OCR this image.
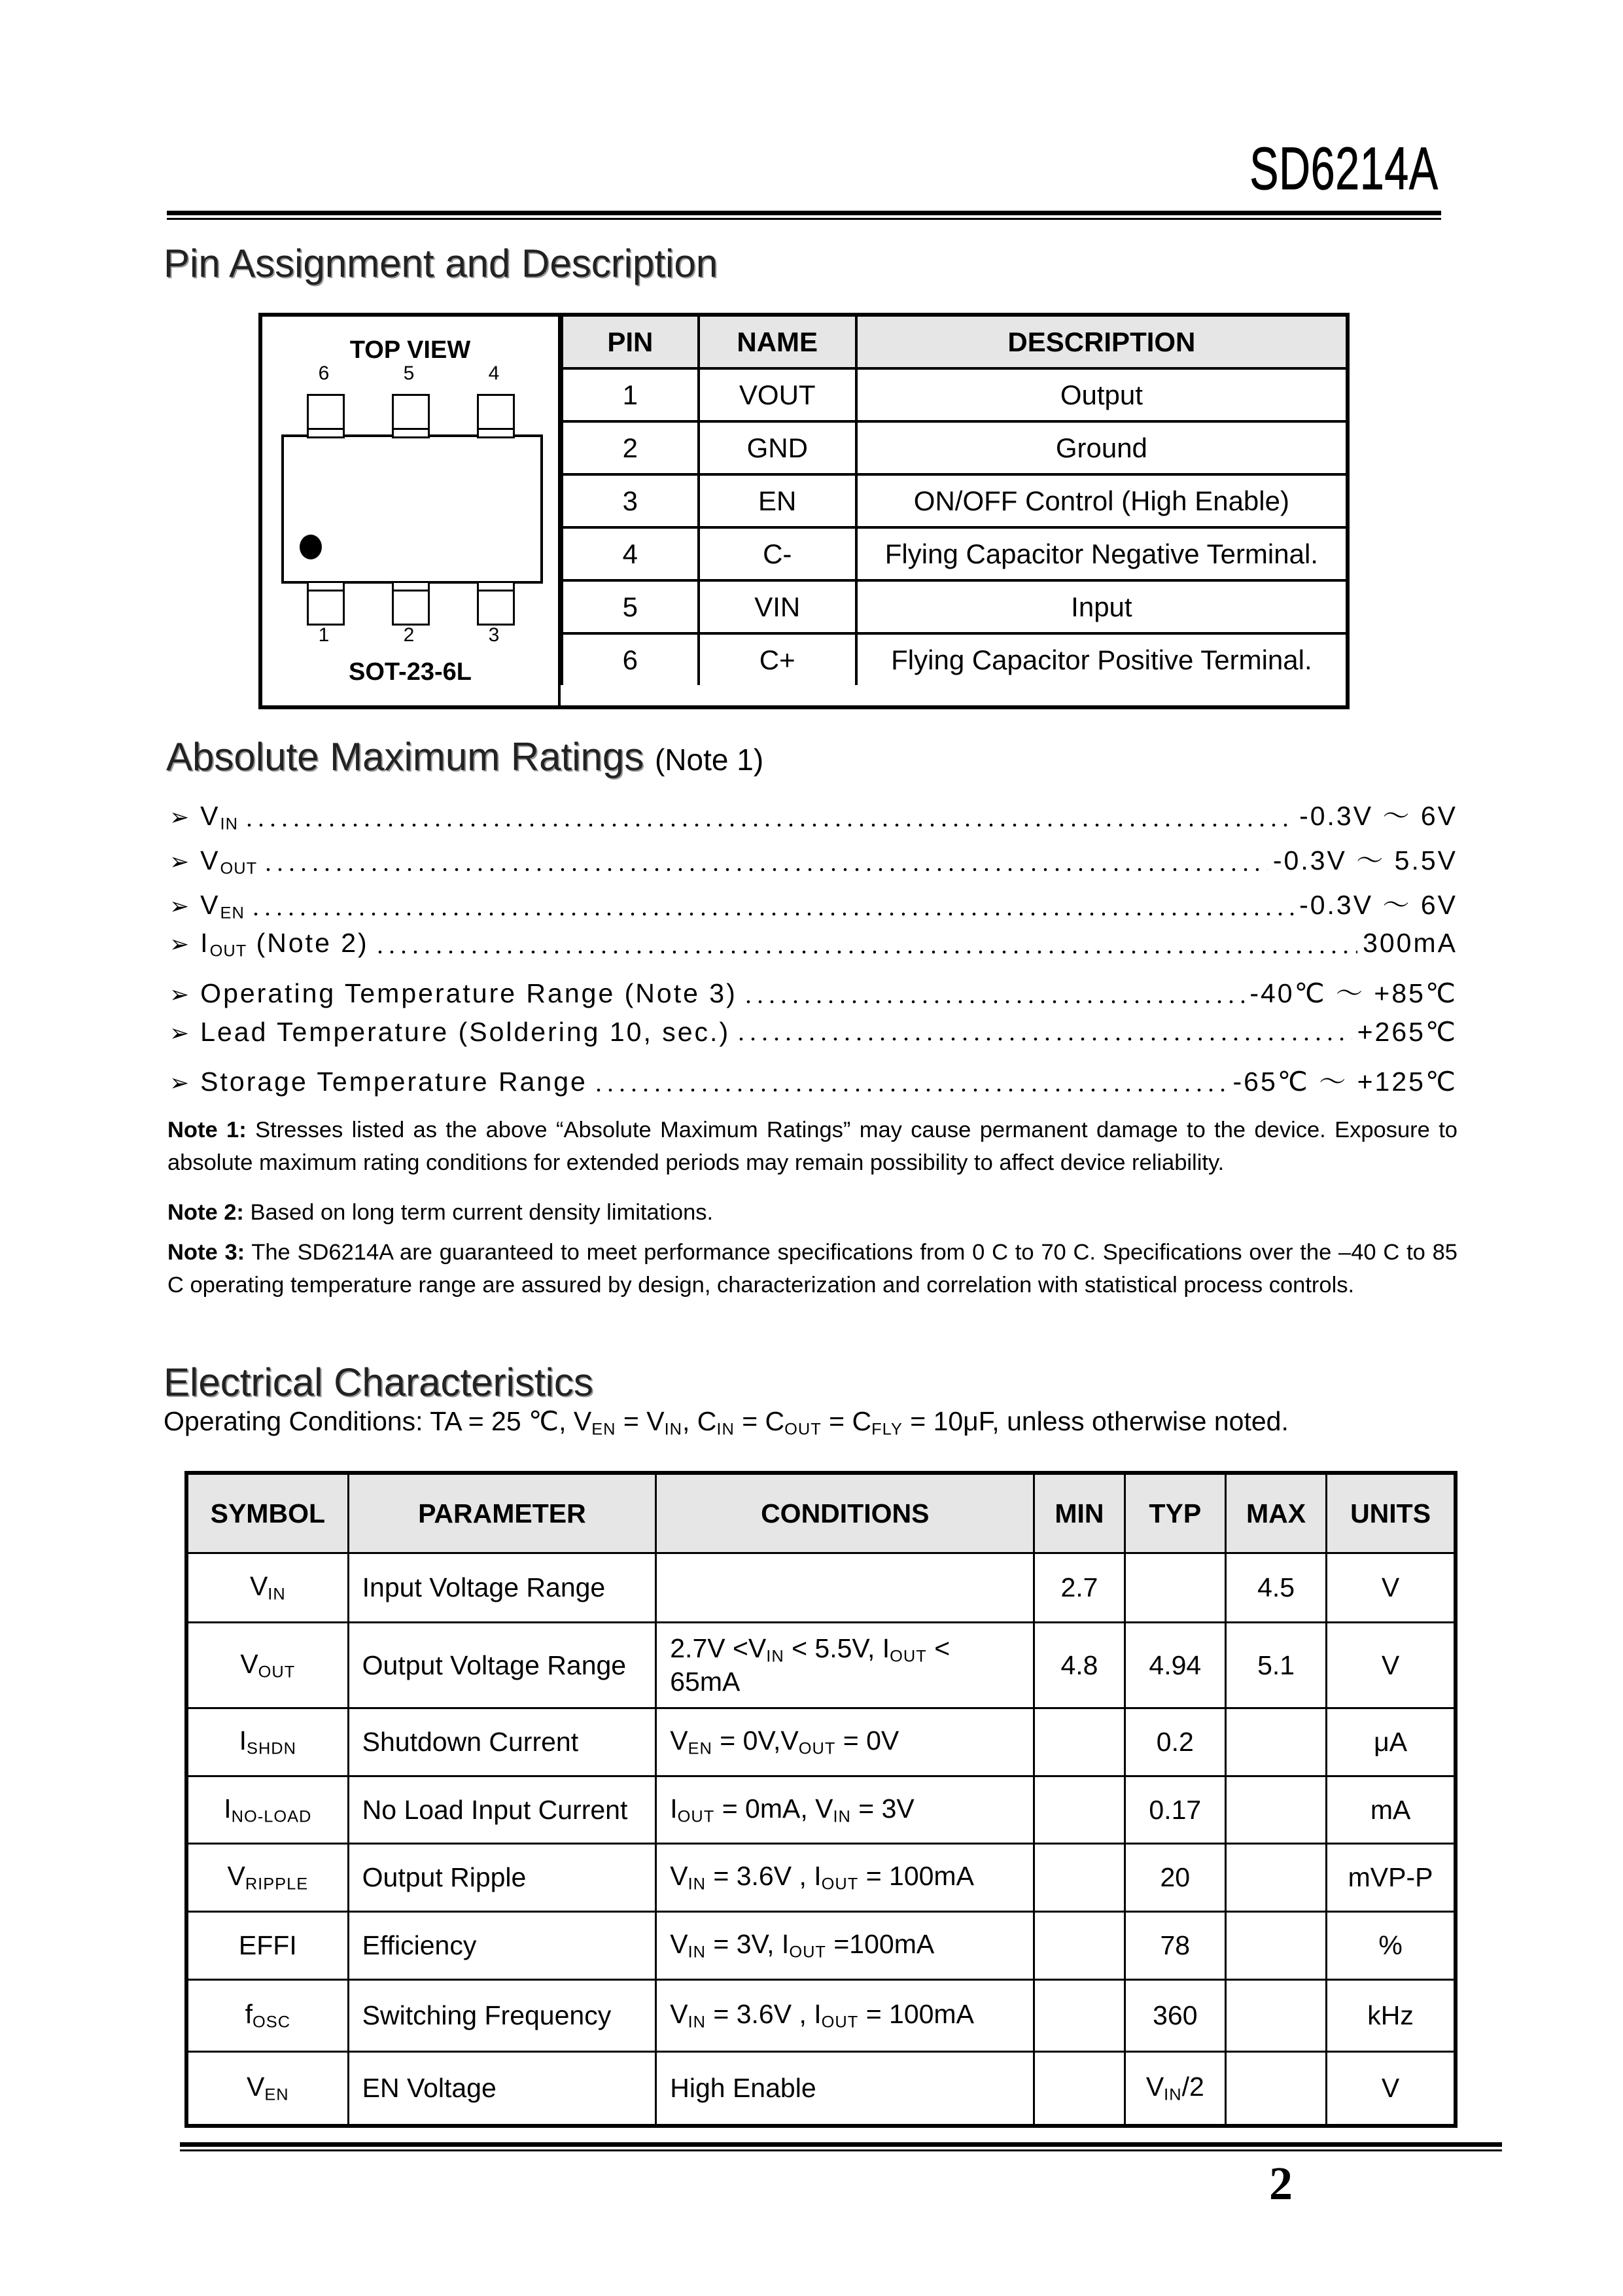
SD6214A
Pin Assignment and Description
TOP VIEW
6
1
5
2
4
3
SOT-23-6L
PIN	NAME	DESCRIPTION
1	VOUT	Output
2	GND	Ground
3	EN	ON/OFF Control (High Enable)
4	C-	Flying Capacitor Negative Terminal.
5	VIN	Input
6	C+	Flying Capacitor Positive Terminal.
Absolute Maximum Ratings (Note 1)
➢ $V_{IN}$	-0.3V ～ 6V
➢ $V_{OUT}$	-0.3V ～ 5.5V
➢ $V_{EN}$	-0.3V ～ 6V
➢ $I_{OUT}$ (Note 2)	300mA
➢ Operating Temperature Range (Note 3)	-40℃ ～ +85℃
➢ Lead Temperature (Soldering 10, sec.)	+265℃
➢ Storage Temperature Range	-65℃ ～ +125℃
Note 1: Stresses listed as the above “Absolute Maximum Ratings” may cause permanent damage to the device. Exposure to absolute maximum rating conditions for extended periods may remain possibility to affect device reliability.
Note 2: Based on long term current density limitations.
Note 3: The SD6214A are guaranteed to meet performance specifications from 0 C to 70 C. Specifications over the –40 C to 85 C operating temperature range are assured by design, characterization and correlation with statistical process controls.
Electrical Characteristics
Operating Conditions: TA = 25 ℃, $V_{EN} = V_{IN}$, $C_{IN} = C_{OUT} = C_{FLY} = 10\mu F$, unless otherwise noted.
SYMBOL	PARAMETER	CONDITIONS	MIN	TYP	MAX	UNITS
$V_{IN}$	Input Voltage Range		2.7		4.5	V
$V_{OUT}$	Output Voltage Range	$2.7V <V_{IN} < 5.5V$, $I_{OUT} < 65mA$	4.8	4.94	5.1	V
$I_{SHDN}$	Shutdown Current	$V_{EN} = 0V,V_{OUT} = 0V$		0.2		μA
$I_{NO-LOAD}$	No Load Input Current	$I_{OUT} = 0mA$, $V_{IN} = 3V$		0.17		mA
$V_{RIPPLE}$	Output Ripple	$V_{IN} = 3.6V$ , $I_{OUT} = 100mA$		20		mVP-P
EFFI	Efficiency	$V_{IN} = 3V$, $I_{OUT} =100mA$		78		%
$f_{OSC}$	Switching Frequency	$V_{IN} = 3.6V$ , $I_{OUT} = 100mA$		360		kHz
$V_{EN}$	EN Voltage	High Enable		$V_{IN}/2$		V
2
